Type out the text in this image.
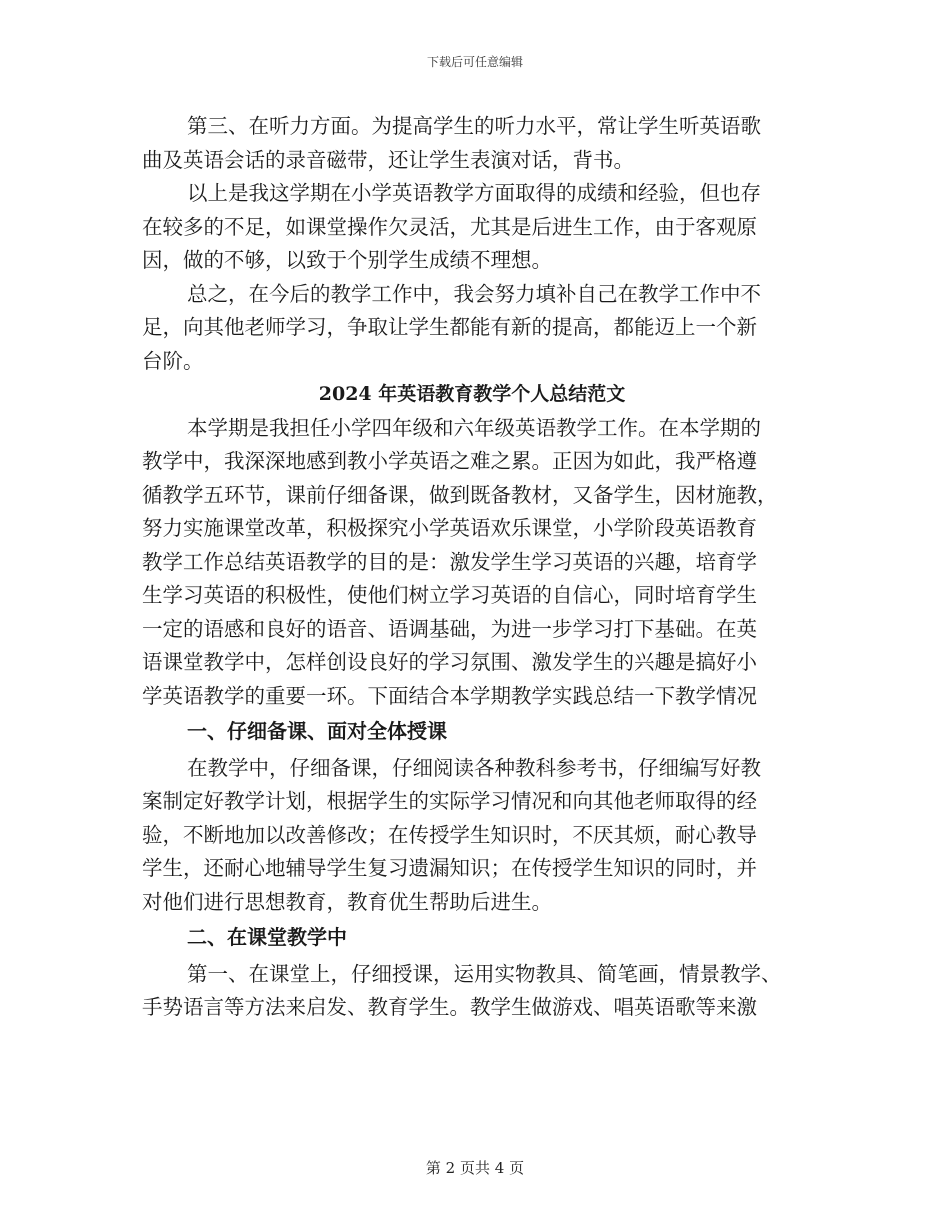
下载后可任意编辑
第三、在听力方面。为提高学生的听力水平，常让学生听英语歌
曲及英语会话的录音磁带，还让学生表演对话，背书。
以上是我这学期在小学英语教学方面取得的成绩和经验，但也存
在较多的不足，如课堂操作欠灵活，尤其是后进生工作，由于客观原
因，做的不够，以致于个别学生成绩不理想。
总之，在今后的教学工作中，我会努力填补自己在教学工作中不
足，向其他老师学习，争取让学生都能有新的提高，都能迈上一个新
台阶。
2024 年英语教育教学个人总结范文
本学期是我担任小学四年级和六年级英语教学工作。在本学期的
教学中，我深深地感到教小学英语之难之累。正因为如此，我严格遵
循教学五环节，课前仔细备课，做到既备教材，又备学生，因材施教，
努力实施课堂改革，积极探究小学英语欢乐课堂，小学阶段英语教育
教学工作总结英语教学的目的是：激发学生学习英语的兴趣，培育学
生学习英语的积极性，使他们树立学习英语的自信心，同时培育学生
一定的语感和良好的语音、语调基础，为进一步学习打下基础。在英
语课堂教学中，怎样创设良好的学习氛围、激发学生的兴趣是搞好小
学英语教学的重要一环。下面结合本学期教学实践总结一下教学情况
一、仔细备课、面对全体授课
在教学中，仔细备课，仔细阅读各种教科参考书，仔细编写好教
案制定好教学计划，根据学生的实际学习情况和向其他老师取得的经
验，不断地加以改善修改；在传授学生知识时，不厌其烦，耐心教导
学生，还耐心地辅导学生复习遗漏知识；在传授学生知识的同时，并
对他们进行思想教育，教育优生帮助后进生。
二、在课堂教学中
第一、在课堂上，仔细授课，运用实物教具、简笔画，情景教学、
手势语言等方法来启发、教育学生。教学生做游戏、唱英语歌等来激
第 2 页共 4 页
